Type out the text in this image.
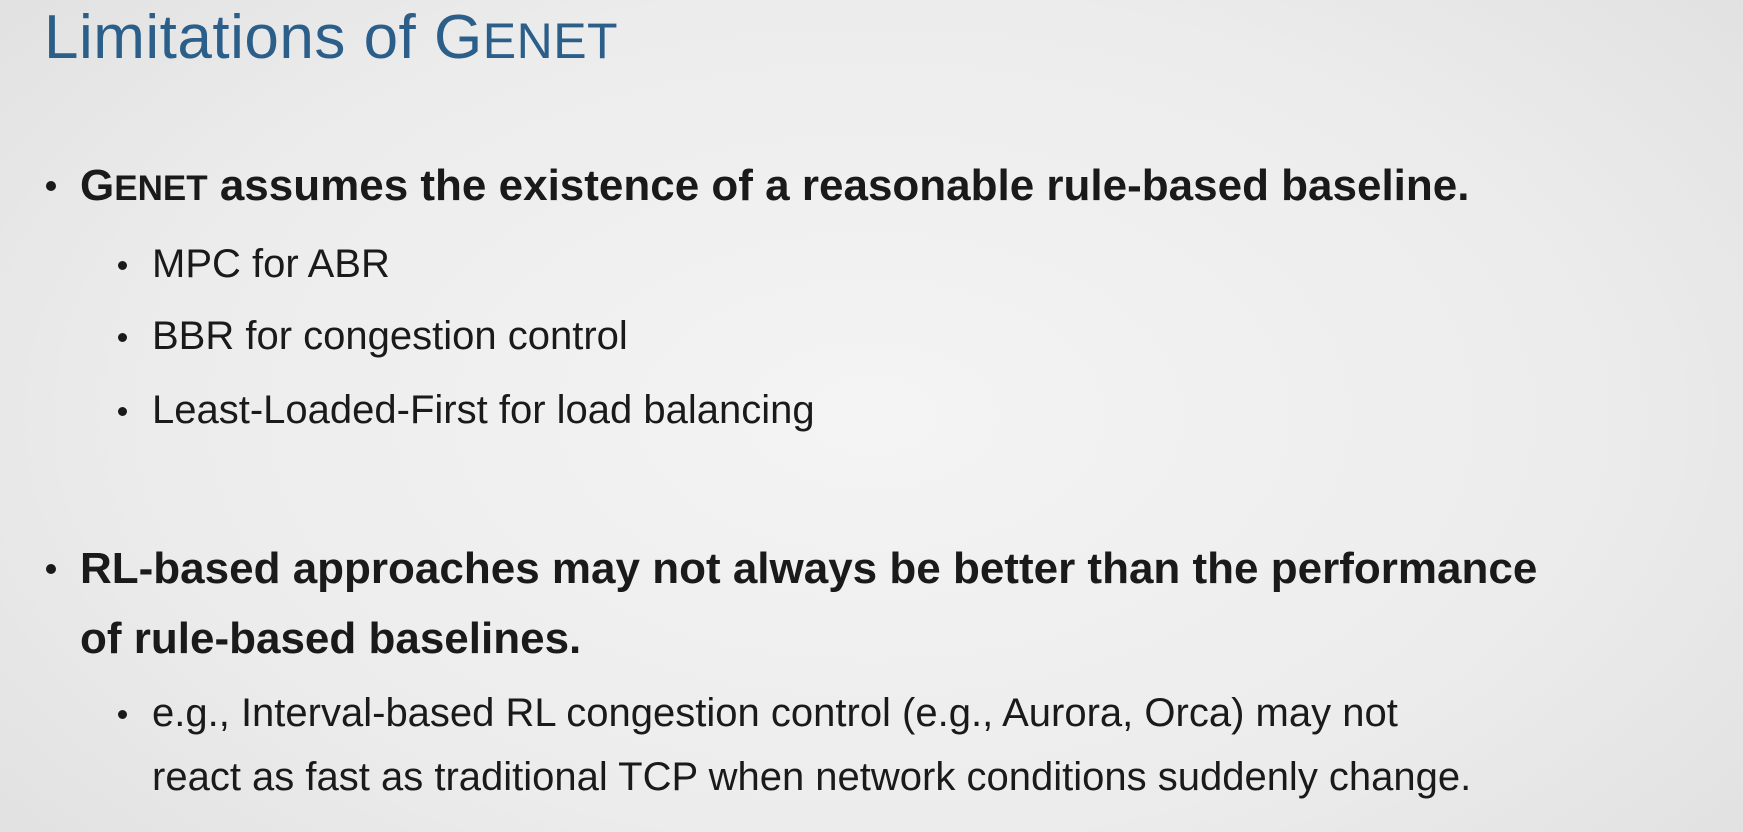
Limitations of GENET
GENET assumes the existence of a reasonable rule-based baseline.
MPC for ABR
BBR for congestion control
Least-Loaded-First for load balancing
RL-based approaches may not always be better than the performance
of rule-based baselines.
e.g., Interval-based RL congestion control (e.g., Aurora, Orca) may not
react as fast as traditional TCP when network conditions suddenly change.
